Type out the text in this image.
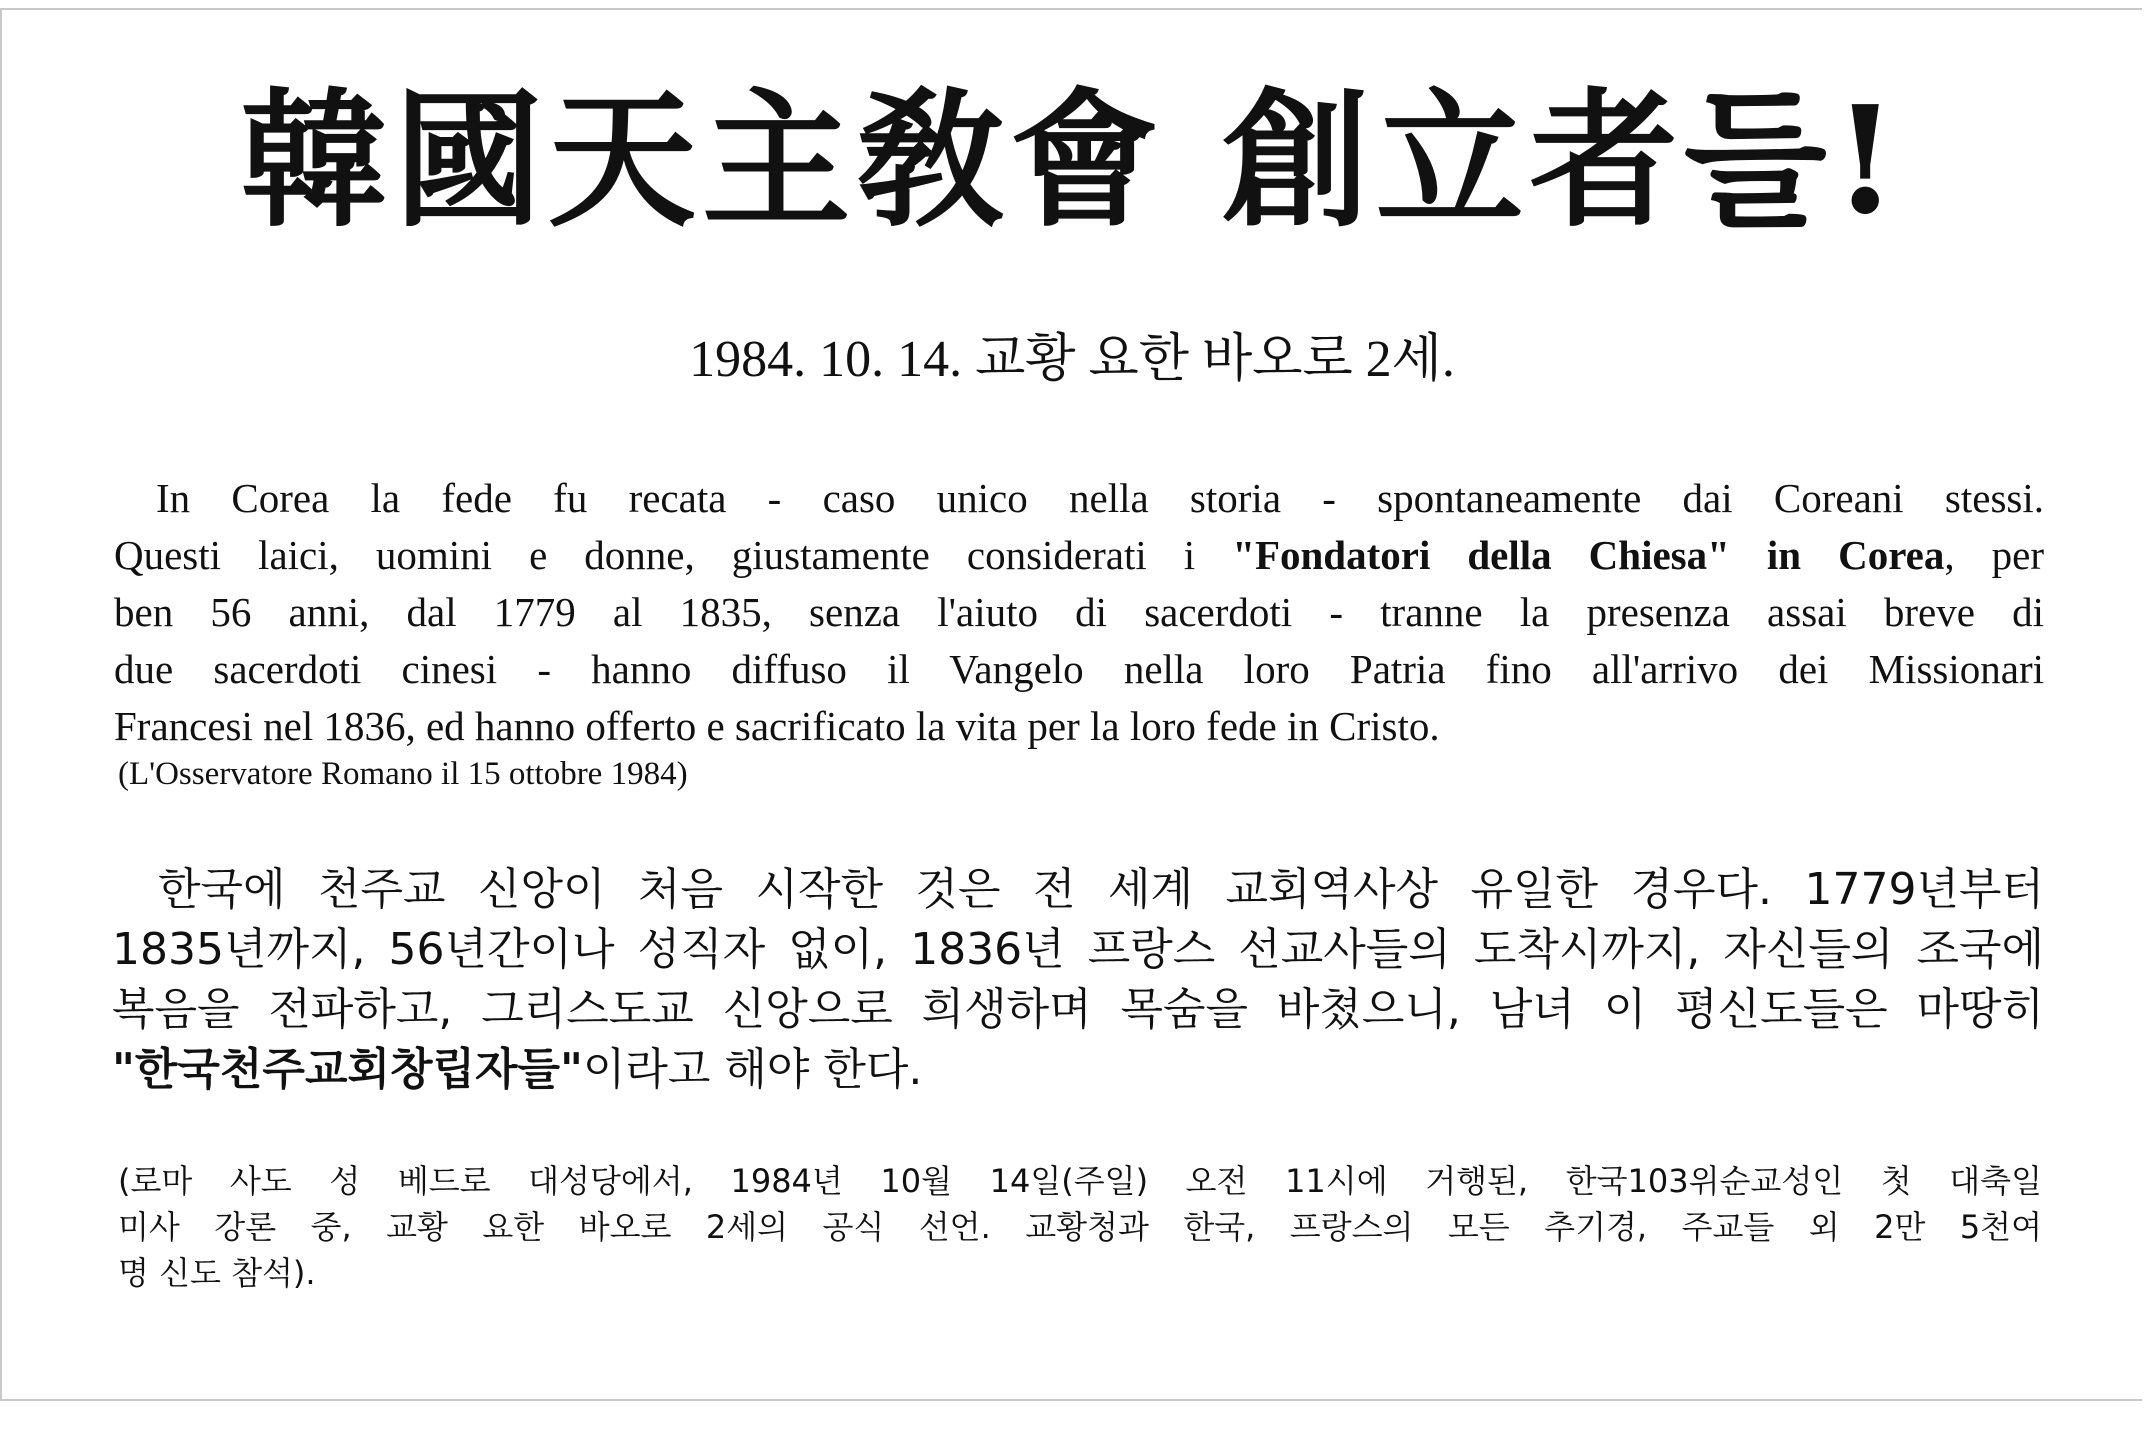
韓國天主敎會 創立者들!
1984. 10. 14. 교황 요한 바오로 2세.
In Corea la fede fu recata - caso unico nella storia - spontaneamente dai Coreani stessi.
Questi laici, uomini e donne, giustamente considerati i "Fondatori della Chiesa" in Corea, per
ben 56 anni, dal 1779 al 1835, senza l'aiuto di sacerdoti - tranne la presenza assai breve di
due sacerdoti cinesi - hanno diffuso il Vangelo nella loro Patria fino all'arrivo dei Missionari
Francesi nel 1836, ed hanno offerto e sacrificato la vita per la loro fede in Cristo.
(L'Osservatore Romano il 15 ottobre 1984)
한국에 천주교 신앙이 처음 시작한 것은 전 세계 교회역사상 유일한 경우다. 1779년부터
1835년까지, 56년간이나 성직자 없이, 1836년 프랑스 선교사들의 도착시까지, 자신들의 조국에
복음을 전파하고, 그리스도교 신앙으로 희생하며 목숨을 바쳤으니, 남녀 이 평신도들은 마땅히
"한국천주교회창립자들"이라고 해야 한다.
(로마 사도 성 베드로 대성당에서, 1984년 10월 14일(주일) 오전 11시에 거행된, 한국103위순교성인 첫 대축일
미사 강론 중, 교황 요한 바오로 2세의 공식 선언. 교황청과 한국, 프랑스의 모든 추기경, 주교들 외 2만 5천여
명 신도 참석).
